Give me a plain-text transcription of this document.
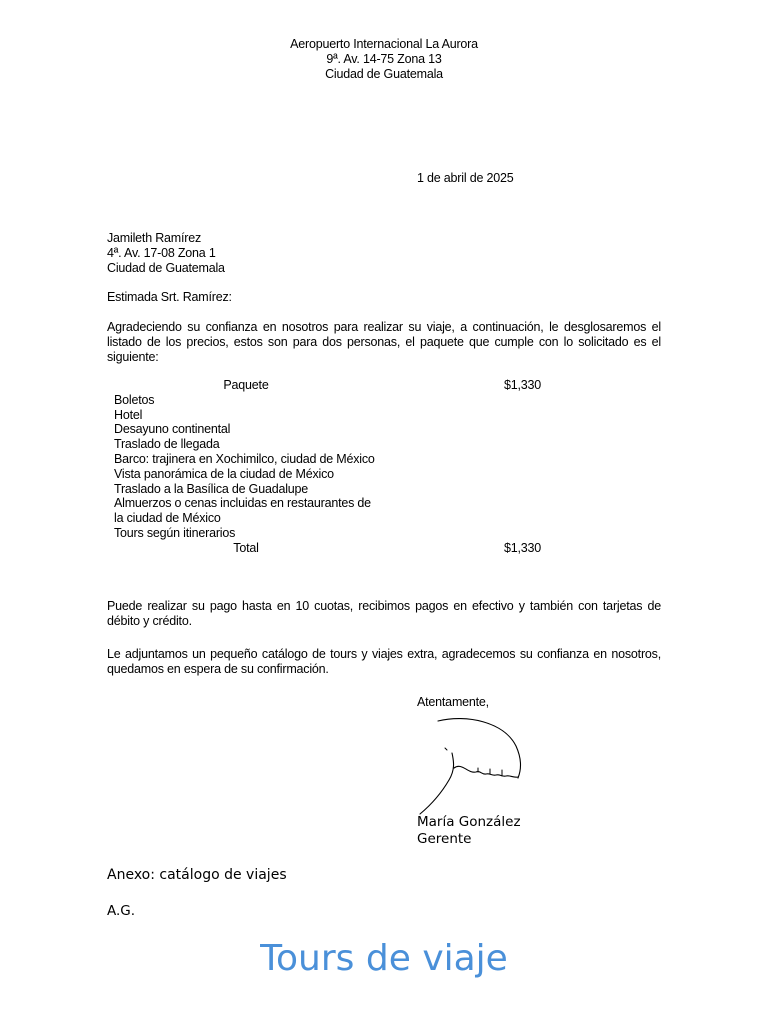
Aeropuerto Internacional La Aurora
9ª. Av. 14-75 Zona 13
Ciudad de Guatemala
1 de abril de 2025
Jamileth Ramírez
4ª. Av. 17-08 Zona 1
Ciudad de Guatemala
Estimada Srt. Ramírez:
Agradeciendo su confianza en nosotros para realizar su viaje, a continuación, le desglosaremos el listado de los precios, estos son para dos personas, el paquete que cumple con lo solicitado es el siguiente:
Paquete	$1,330
Boletos
Hotel
Desayuno continental
Traslado de llegada
Barco: trajinera en Xochimilco, ciudad de México
Vista panorámica de la ciudad de México
Traslado a la Basílica de Guadalupe
Almuerzos o cenas incluidas en restaurantes de la ciudad de México
Tours según itinerarios
Total	$1,330
Puede realizar su pago hasta en 10 cuotas, recibimos pagos en efectivo y también con tarjetas de débito y crédito.
Le adjuntamos un pequeño catálogo de tours y viajes extra, agradecemos su confianza en nosotros, quedamos en espera de su confirmación.
Atentamente,
María González
Gerente
Anexo: catálogo de viajes
A.G.
Tours de viaje
